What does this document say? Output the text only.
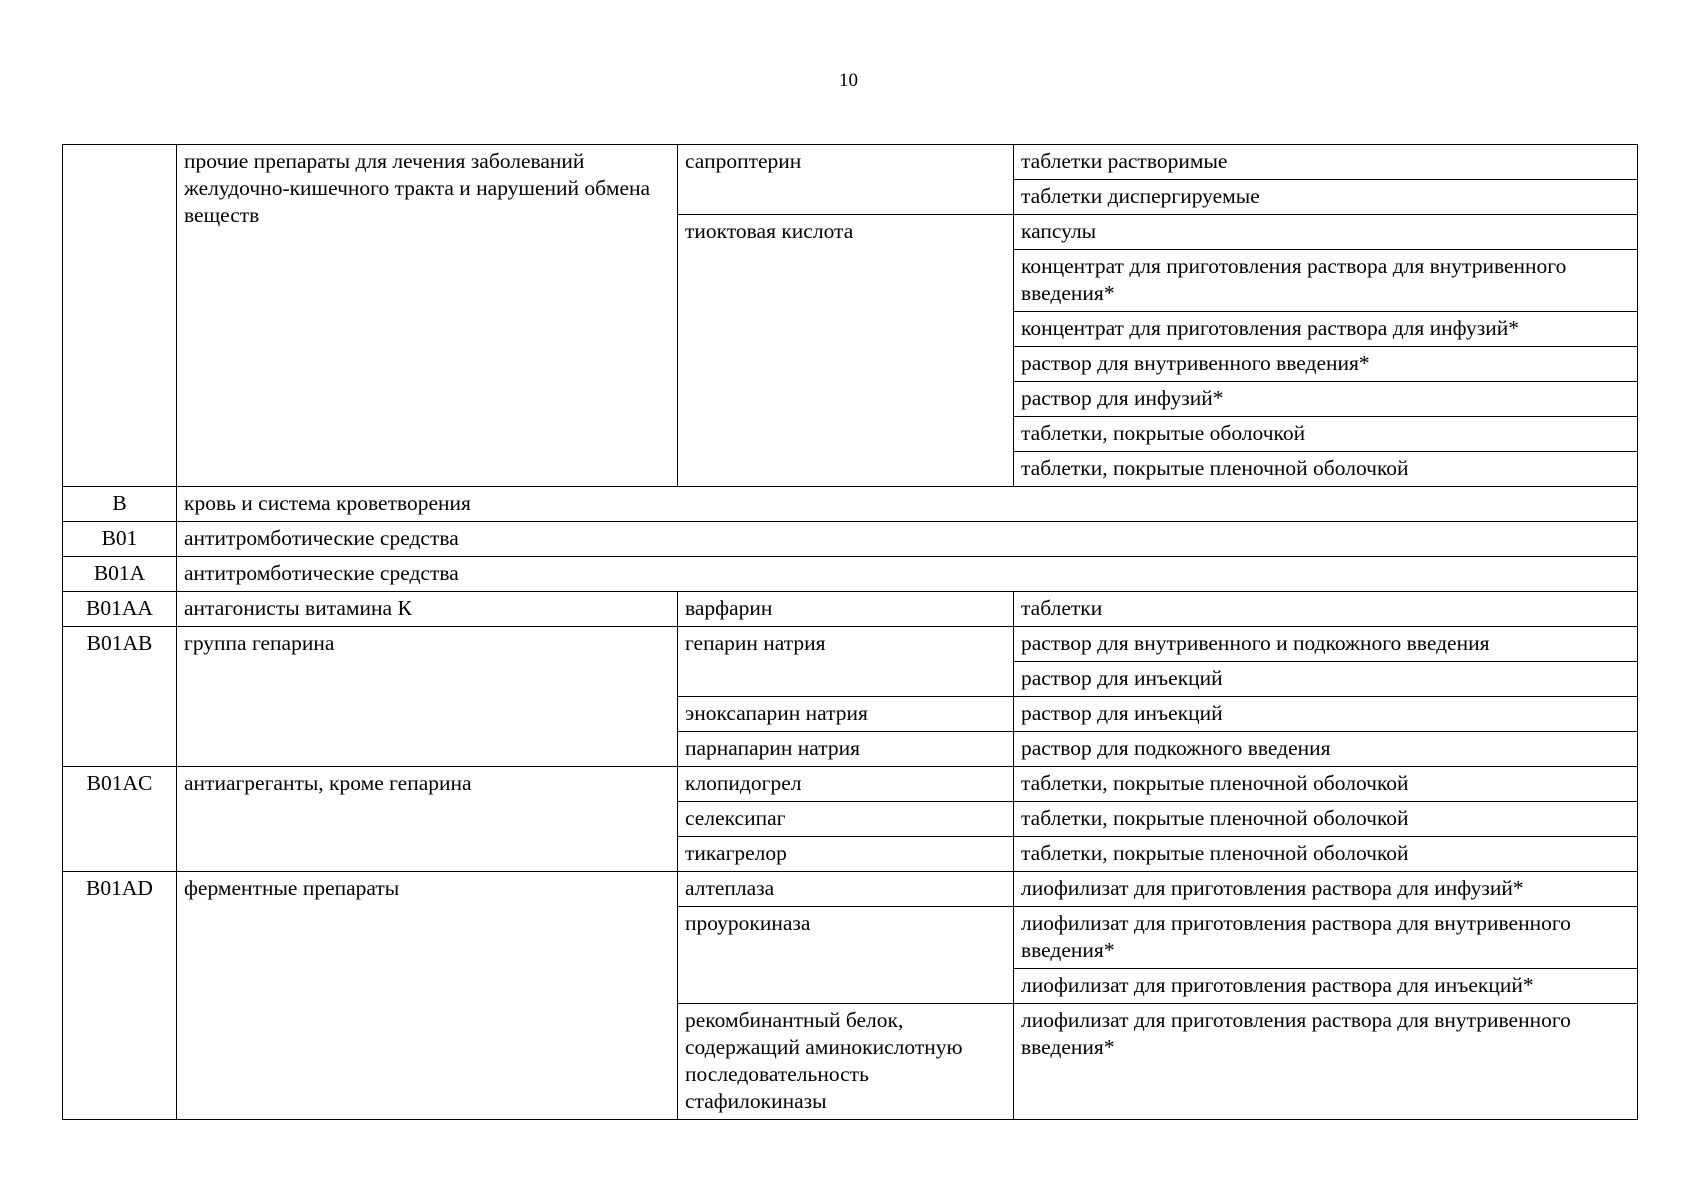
10
	прочие препараты для лечения заболеваний желудочно-кишечного тракта и нарушений обмена веществ	сапроптерин	таблетки растворимые
			таблетки диспергируемые
		тиоктовая кислота	капсулы
			концентрат для приготовления раствора для внутривенного введения*
			концентрат для приготовления раствора для инфузий*
			раствор для внутривенного введения*
			раствор для инфузий*
			таблетки, покрытые оболочкой
			таблетки, покрытые пленочной оболочкой
B	кровь и система кроветворения		
B01	антитромботические средства		
B01A	антитромботические средства		
B01AA	антагонисты витамина К	варфарин	таблетки
B01AB	группа гепарина	гепарин натрия	раствор для внутривенного и подкожного введения
			раствор для инъекций
		эноксапарин натрия	раствор для инъекций
		парнапарин натрия	раствор для подкожного введения
B01AC	антиагреганты, кроме гепарина	клопидогрел	таблетки, покрытые пленочной оболочкой
		селексипаг	таблетки, покрытые пленочной оболочкой
		тикагрелор	таблетки, покрытые пленочной оболочкой
B01AD	ферментные препараты	алтеплаза	лиофилизат для приготовления раствора для инфузий*
		проурокиназа	лиофилизат для приготовления раствора для внутривенного введения*
			лиофилизат для приготовления раствора для инъекций*
		рекомбинантный белок, содержащий аминокислотную последовательность стафилокиназы	лиофилизат для приготовления раствора для внутривенного введения*
